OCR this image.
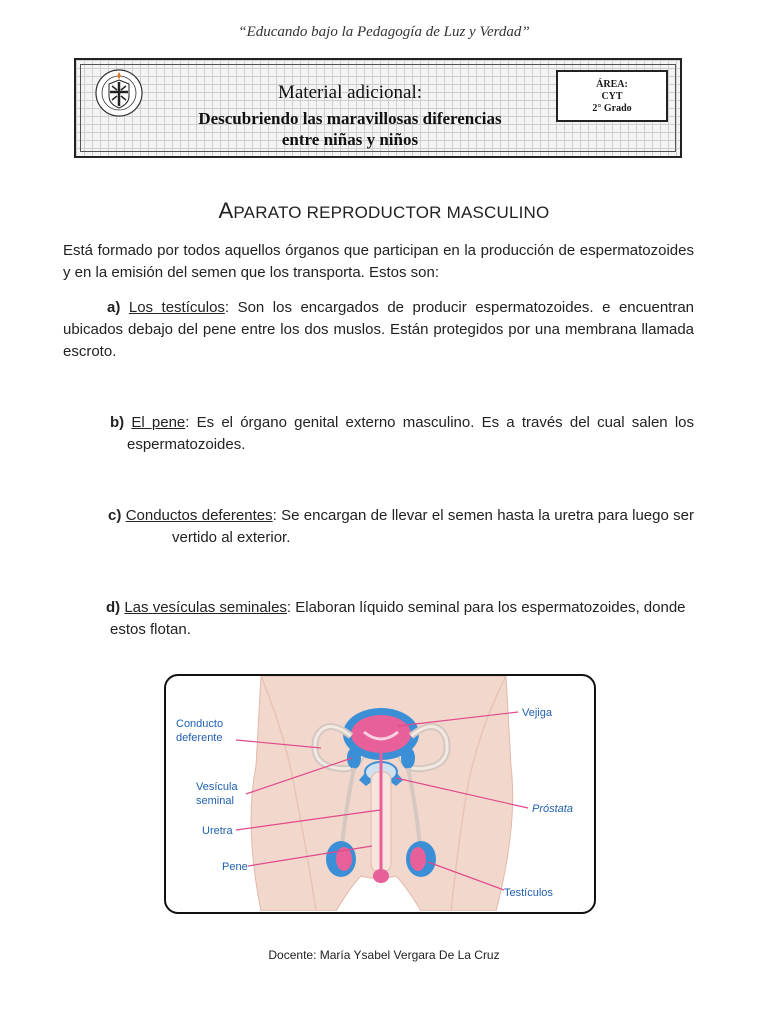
“Educando bajo la Pedagogía de Luz y Verdad”
Material adicional:
Descubriendo las maravillosas diferencias
entre niñas y niños
ÁREA:
CYT
2° Grado
APARATO REPRODUCTOR MASCULINO
Está formado por todos aquellos órganos que participan en la producción de espermatozoides y en la emisión del semen que los transporta. Estos son:
a) Los testículos: Son los encargados de producir espermatozoides. e encuentran ubicados debajo del pene entre los dos muslos. Están protegidos por una membrana llamada escroto.
b) El pene: Es el órgano genital externo masculino. Es a través del cual salen los espermatozoides.
c) Conductos deferentes: Se encargan de llevar el semen hasta la uretra para luego ser vertido al exterior.
d) Las vesículas seminales: Elaboran líquido seminal para los espermatozoides, donde estos flotan.
Conducto
deferente
Vesícula
seminal
Uretra
Pene
Vejiga
Próstata
Testículos
Docente: María Ysabel Vergara De La Cruz
